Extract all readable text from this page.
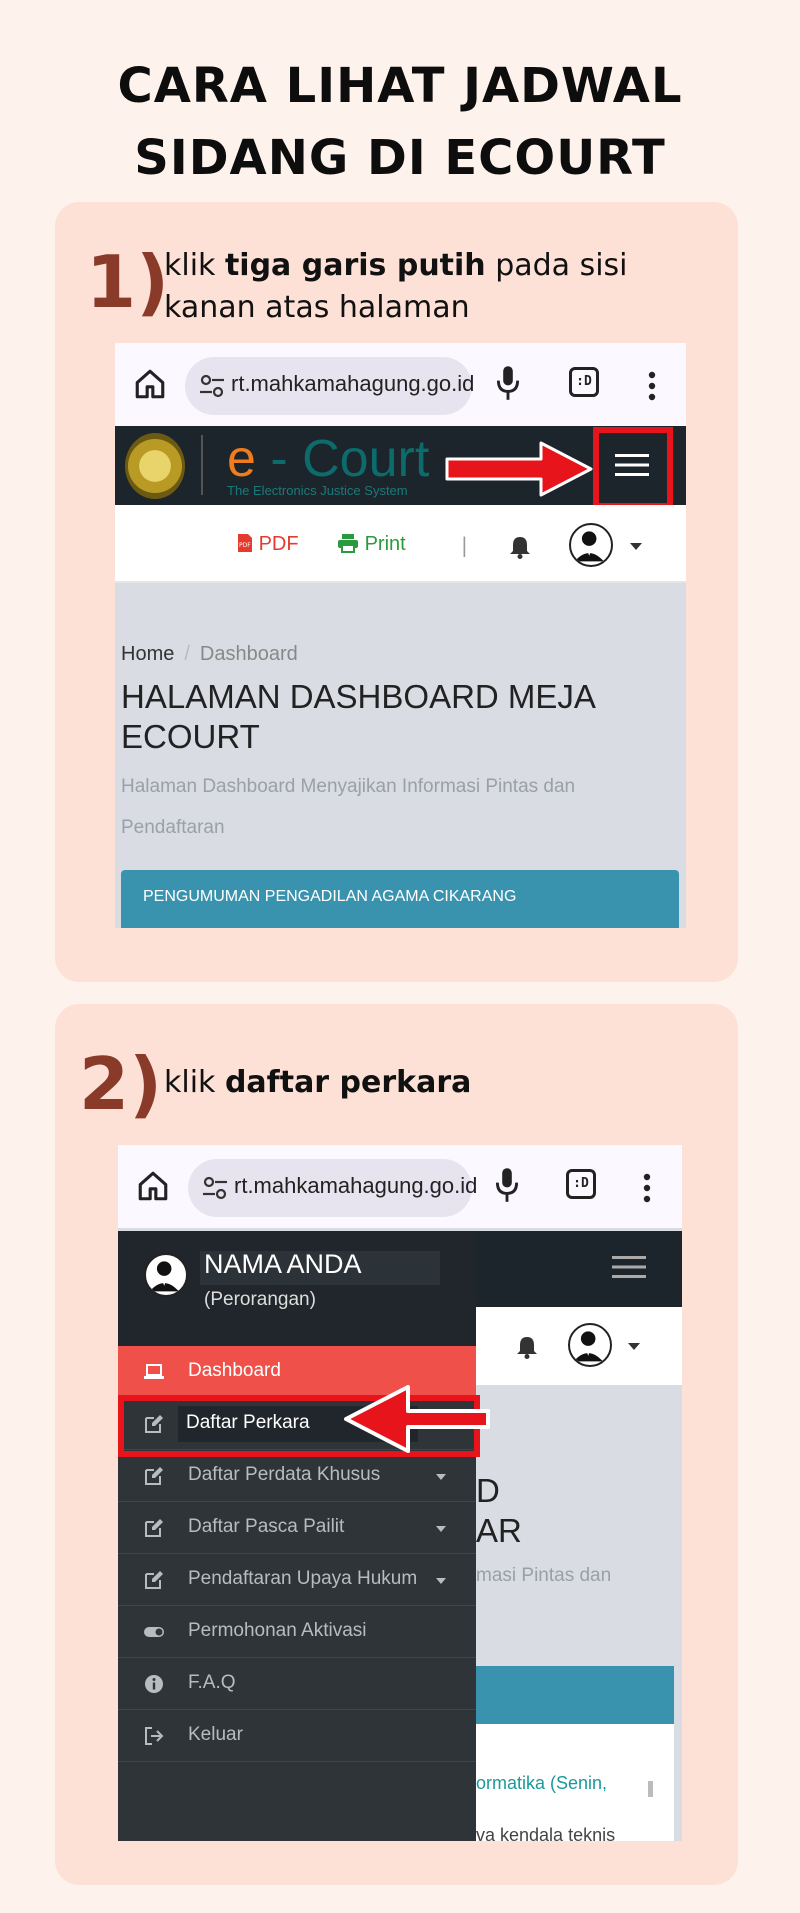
CARA LIHAT JADWAL
SIDANG DI ECOURT
1)
klik tiga garis putih pada sisi kanan atas halaman
rt.mahkamahagung.go.id	:D
e - Court
The Electronics Justice System
PDF PDF	Print	|
Home / Dashboard
HALAMAN DASHBOARD MEJA ECOURT
Halaman Dashboard Menyajikan Informasi Pintas dan Pendaftaran
PENGUMUMAN PENGADILAN AGAMA CIKARANG
2) klik daftar perkara
rt.mahkamahagung.go.id	:D
D
AR
masi Pintas dan
ormatika (Senin,
va kendala teknis
NAMA ANDA
(Perorangan)
Dashboard
Daftar Perkara
Daftar Perdata Khusus
Daftar Pasca Pailit
Pendaftaran Upaya Hukum
Permohonan Aktivasi
F.A.Q
Keluar
